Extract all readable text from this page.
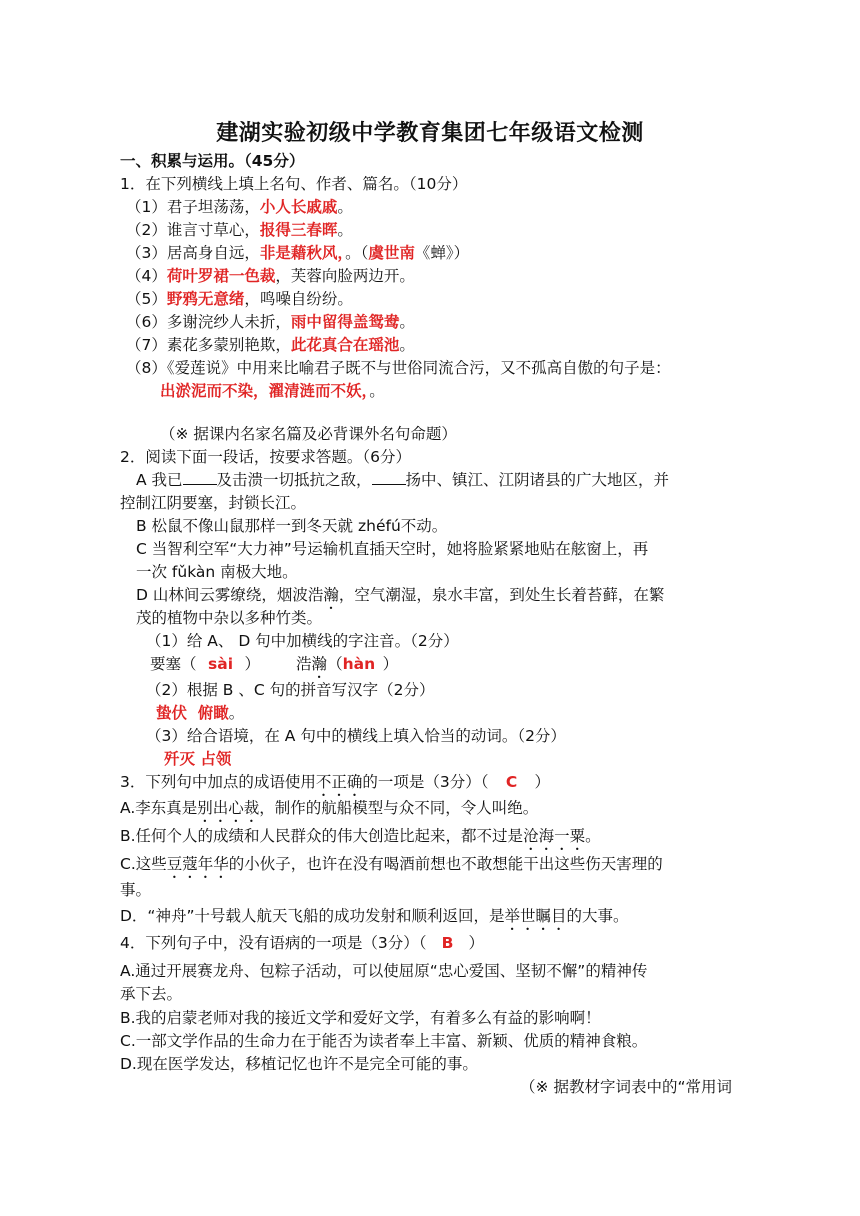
建湖实验初级中学教育集团七年级语文检测
一、积累与运用。（45分）
1．在下列横线上填上名句、作者、篇名。（10分）
（1）君子坦荡荡，小人长戚戚。
（2）谁言寸草心，报得三春晖。
（3）居高身自远，非是藉秋风，。（虞世南《蝉》）
（4）荷叶罗裙一色裁，芙蓉向脸两边开。
（5）野鸦无意绪，鸣噪自纷纷。
（6）多谢浣纱人未折，雨中留得盖鸳鸯。
（7）素花多蒙别艳欺，此花真合在瑶池。
（8）《爱莲说》中用来比喻君子既不与世俗同流合污，又不孤高自傲的句子是：
出淤泥而不染，濯清涟而不妖，。
（※ 据课内名家名篇及必背课外名句命题）
2．阅读下面一段话，按要求答题。（6分）
A 我已 及击溃一切抵抗之敌， 扬中、镇江、江阴诸县的广大地区，并
控制江阴要塞，封锁长江。
B 松鼠不像山鼠那样一到冬天就 zhéfú不动。
C 当智利空军“大力神”号运输机直插天空时，她将脸紧紧地贴在舷窗上，再
一次 fǔkàn 南极大地。
D 山林间云雾缭绕，烟波浩瀚，空气潮湿，泉水丰富，到处生长着苔藓，在繁
茂的植物中杂以多种竹类。
（1）给 A、 D 句中加横线的字注音。（2分）
要塞（ sài ） 浩瀚（hàn ）
（2）根据 B 、C 句的拼音写汉字（2分）
蛰伏  俯瞰。
（3）给合语境，在 A 句中的横线上填入恰当的动词。（2分）
歼灭 占领
3．下列句中加点的成语使用不正确的一项是（3分）（ C ）
A.李东真是别出心裁，制作的航船模型与众不同，令人叫绝。
B.任何个人的成绩和人民群众的伟大创造比起来，都不过是沧海一粟。
C.这些豆蔻年华的小伙子，也许在没有喝酒前想也不敢想能干出这些伤天害理的
事。
D．“神舟”十号载人航天飞船的成功发射和顺利返回，是举世瞩目的大事。
4．下列句子中，没有语病的一项是（3分）（ B ）
A.通过开展赛龙舟、包粽子活动，可以使屈原“忠心爱国、坚韧不懈”的精神传
承下去。
B.我的启蒙老师对我的接近文学和爱好文学，有着多么有益的影响啊！
C.一部文学作品的生命力在于能否为读者奉上丰富、新颖、优质的精神食粮。
D.现在医学发达，移植记忆也许不是完全可能的事。
（※ 据教材字词表中的“常用词
